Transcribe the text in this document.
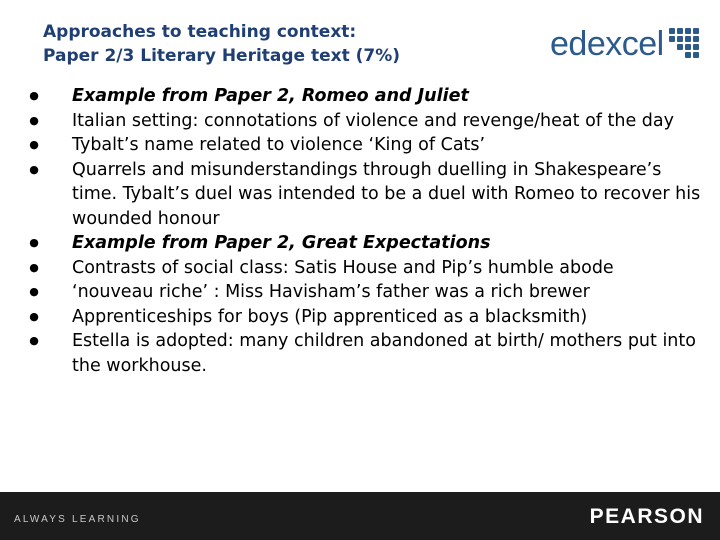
Approaches to teaching context:
Paper 2/3 Literary Heritage text (7%)	edexcel
● Example from Paper 2, Romeo and Juliet
● Italian setting: connotations of violence and revenge/heat of the day
● Tybalt’s name related to violence ‘King of Cats’
● Quarrels and misunderstandings through duelling in Shakespeare’s time. Tybalt’s duel was intended to be a duel with Romeo to recover his wounded honour
● Example from Paper 2, Great Expectations
● Contrasts of social class: Satis House and Pip’s humble abode
● ‘nouveau riche’ : Miss Havisham’s father was a rich brewer
● Apprenticeships for boys (Pip apprenticed as a blacksmith)
● Estella is adopted: many children abandoned at birth/ mothers put into the workhouse.
ALWAYS LEARNING	PEARSON
